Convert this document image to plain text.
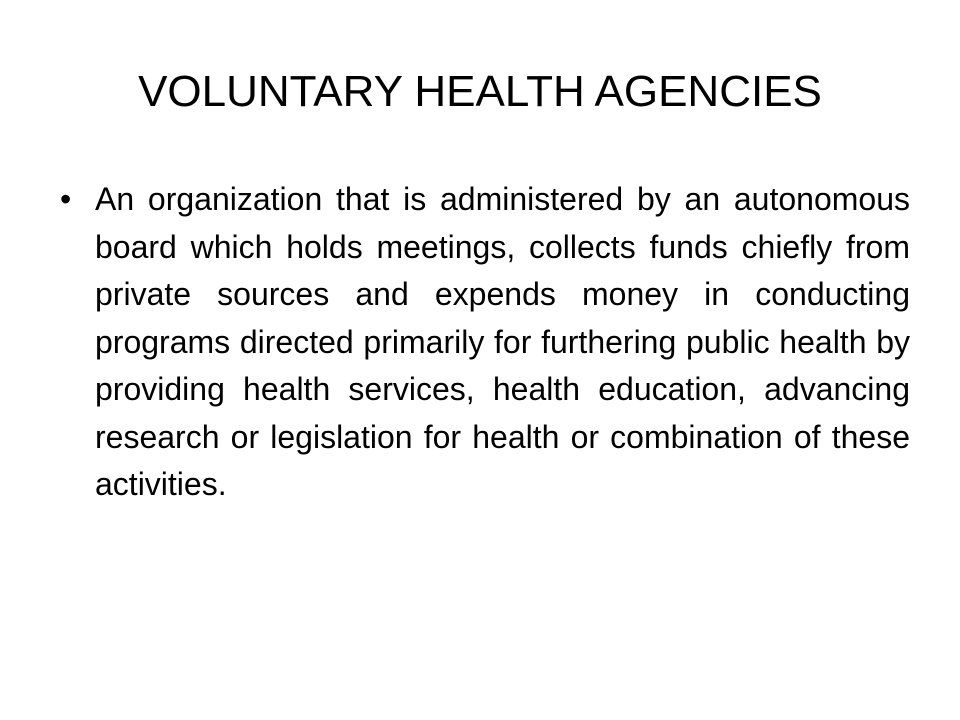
VOLUNTARY HEALTH AGENCIES
• An organization that is administered by an autonomous board which holds meetings, collects funds chiefly from private sources and expends money in conducting programs directed primarily for furthering public health by providing health services, health education, advancing research or legislation for health or combination of these activities.
